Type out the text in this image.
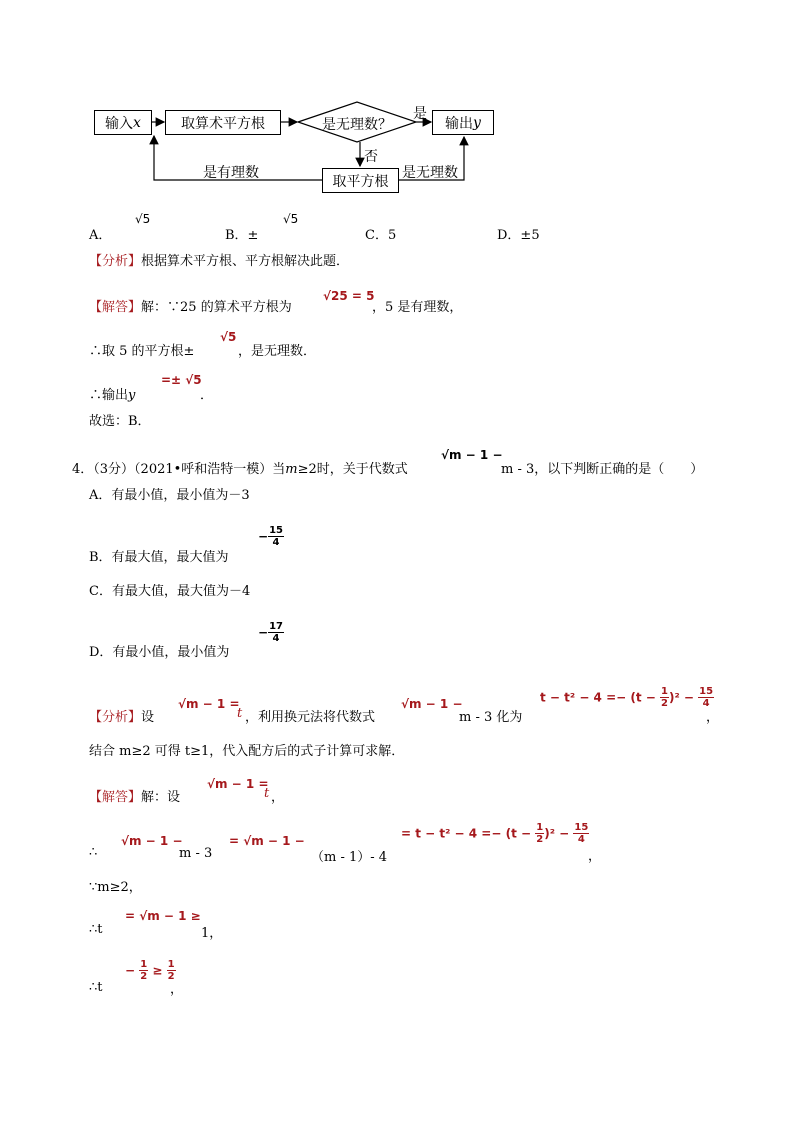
输入 x	取算术平方根	是无理数？
是
输出 y
否
取平方根
是有理数	是无理数
A．
√5
B．±
√5
C．5	D．±5
【分析】根据算术平方根、平方根解决此题．
【解答】解：∵25 的算术平方根为
√25 = 5
，5 是有理数，
∴取 5 的平方根±
√5
，是无理数．
∴输出y
=± √5
．
故选：B．
4．（3分）（2021•呼和浩特一模）当m≥2时，关于代数式
√m − 1 −
m - 3，以下判断正确的是（　　）
A．有最小值，最小值为－3
B．有最大值，最大值为
− $\frac{15}{4}$
C．有最大值，最大值为－4
D．有最小值，最小值为
− $\frac{17}{4}$
【分析】设
√m − 1 =
t ，利用换元法将代数式
√m − 1 −
m - 3 化为
$t - t^2 - 4 =- (t - \frac{1}{2} )^2 - \frac{15}{4}$
，
结合 m≥2 可得 t≥1，代入配方后的式子计算可求解．
【解答】解：设
√m − 1 =
t ，
∴
√m − 1 −
m - 3
= √m − 1 −
（m - 1）- 4
= $t - t^2 - 4 =- (t - \frac{1}{2} )^2 - \frac{15}{4}$
，
∵m≥2，
∴t
= √m − 1 ≥
1，
∴t
− $\frac{1}{2} \ge \frac{1}{2}$
，
